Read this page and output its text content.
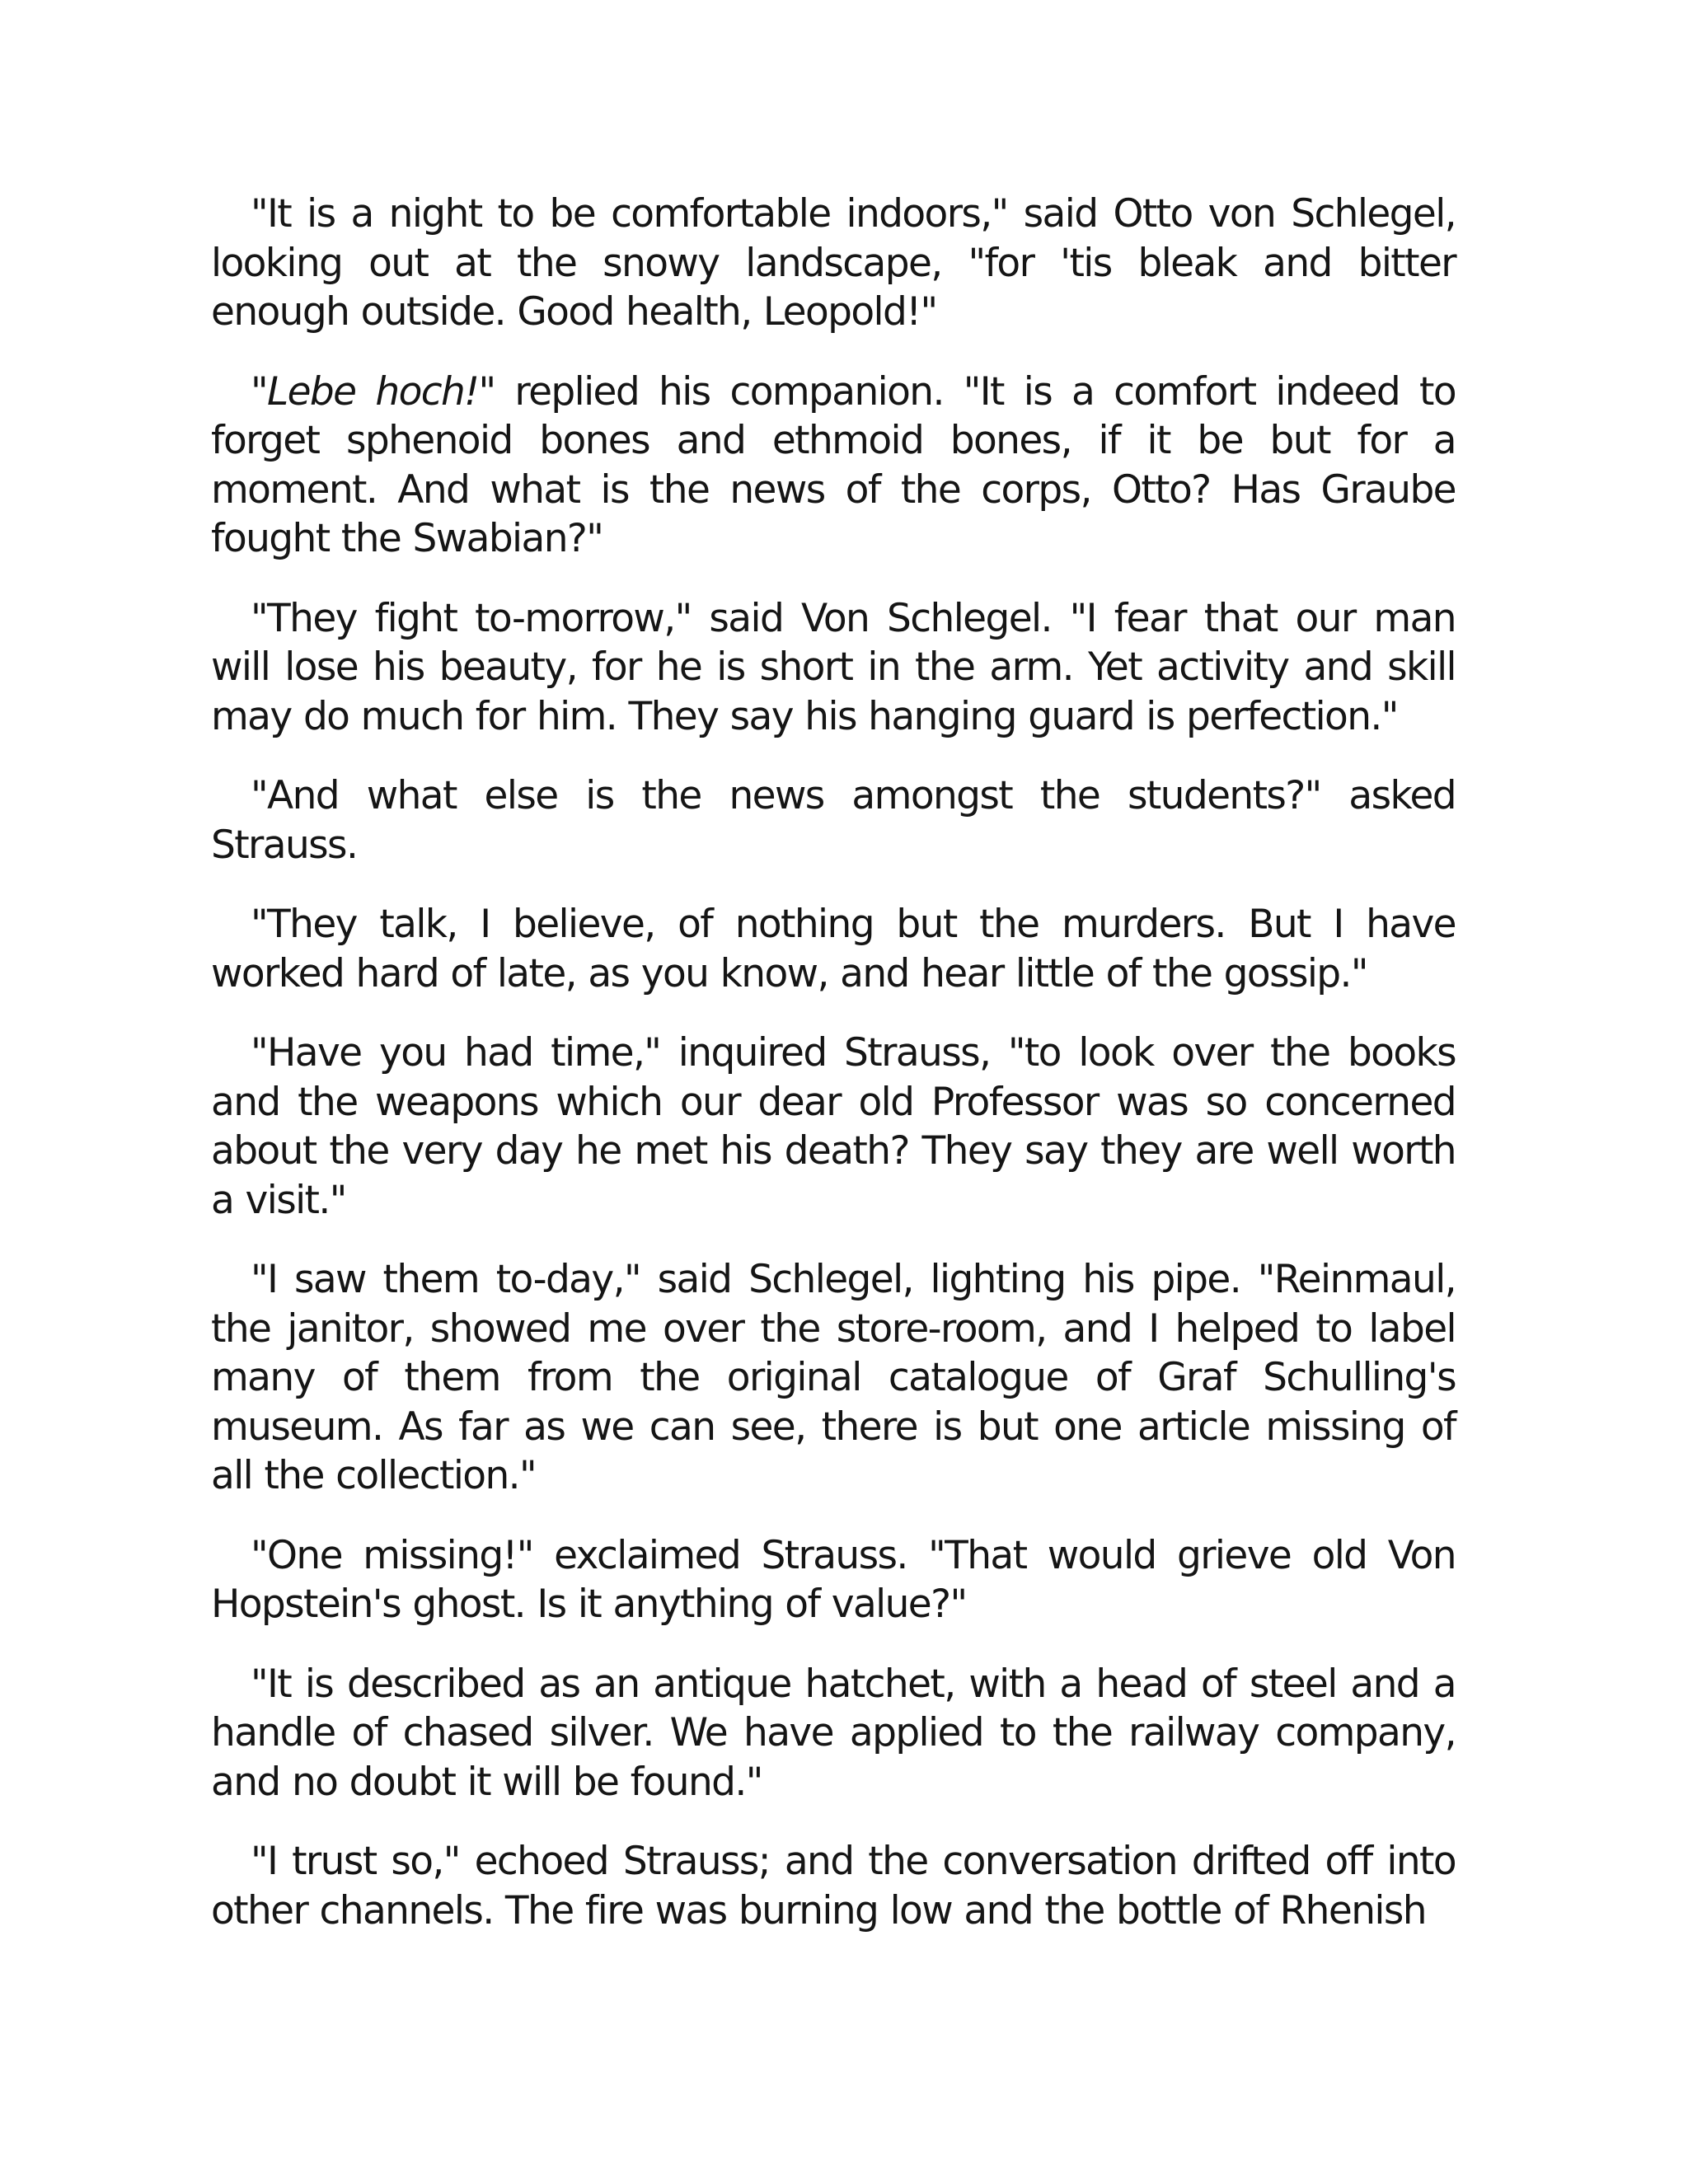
"It is a night to be comfortable indoors," said Otto von Schlegel, looking out at the snowy landscape, "for 'tis bleak and bitter enough outside. Good health, Leopold!"

"Lebe hoch!" replied his companion. "It is a comfort indeed to forget sphenoid bones and ethmoid bones, if it be but for a moment. And what is the news of the corps, Otto? Has Graube fought the Swabian?"

"They fight to-morrow," said Von Schlegel. "I fear that our man will lose his beauty, for he is short in the arm. Yet activity and skill may do much for him. They say his hanging guard is perfection."

"And what else is the news amongst the students?" asked Strauss.

"They talk, I believe, of nothing but the murders. But I have worked hard of late, as you know, and hear little of the gossip."

"Have you had time," inquired Strauss, "to look over the books and the weapons which our dear old Professor was so concerned about the very day he met his death? They say they are well worth a visit."

"I saw them to-day," said Schlegel, lighting his pipe. "Reinmaul, the janitor, showed me over the store-room, and I helped to label many of them from the original catalogue of Graf Schulling's museum. As far as we can see, there is but one article missing of all the collection."

"One missing!" exclaimed Strauss. "That would grieve old Von Hopstein's ghost. Is it anything of value?"

"It is described as an antique hatchet, with a head of steel and a handle of chased silver. We have applied to the railway company, and no doubt it will be found."

"I trust so," echoed Strauss; and the conversation drifted off into other channels. The fire was burning low and the bottle of Rhenish
